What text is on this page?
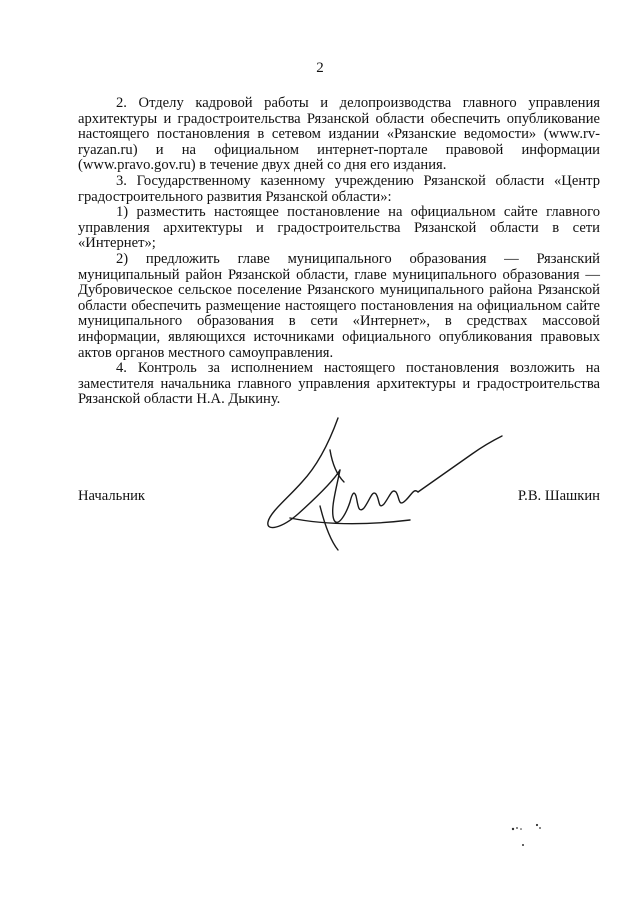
2

2. Отделу кадровой работы и делопроизводства главного управления архитектуры и градостроительства Рязанской области обеспечить опубликование настоящего постановления в сетевом издании «Рязанские ведомости» (www.rv-ryazan.ru) и на официальном интернет-портале правовой информации (www.pravo.gov.ru) в течение двух дней со дня его издания.

3. Государственному казенному учреждению Рязанской области «Центр градостроительного развития Рязанской области»:

1) разместить настоящее постановление на официальном сайте главного управления архитектуры и градостроительства Рязанской области в сети «Интернет»;

2) предложить главе муниципального образования — Рязанский муниципальный район Рязанской области, главе муниципального образования — Дубровическое сельское поселение Рязанского муниципального района Рязанской области обеспечить размещение настоящего постановления на официальном сайте муниципального образования в сети «Интернет», в средствах массовой информации, являющихся источниками официального опубликования правовых актов органов местного самоуправления.

4. Контроль за исполнением настоящего постановления возложить на заместителя начальника главного управления архитектуры и градостроительства Рязанской области Н.А. Дыкину.

Начальник	Р.В. Шашкин
